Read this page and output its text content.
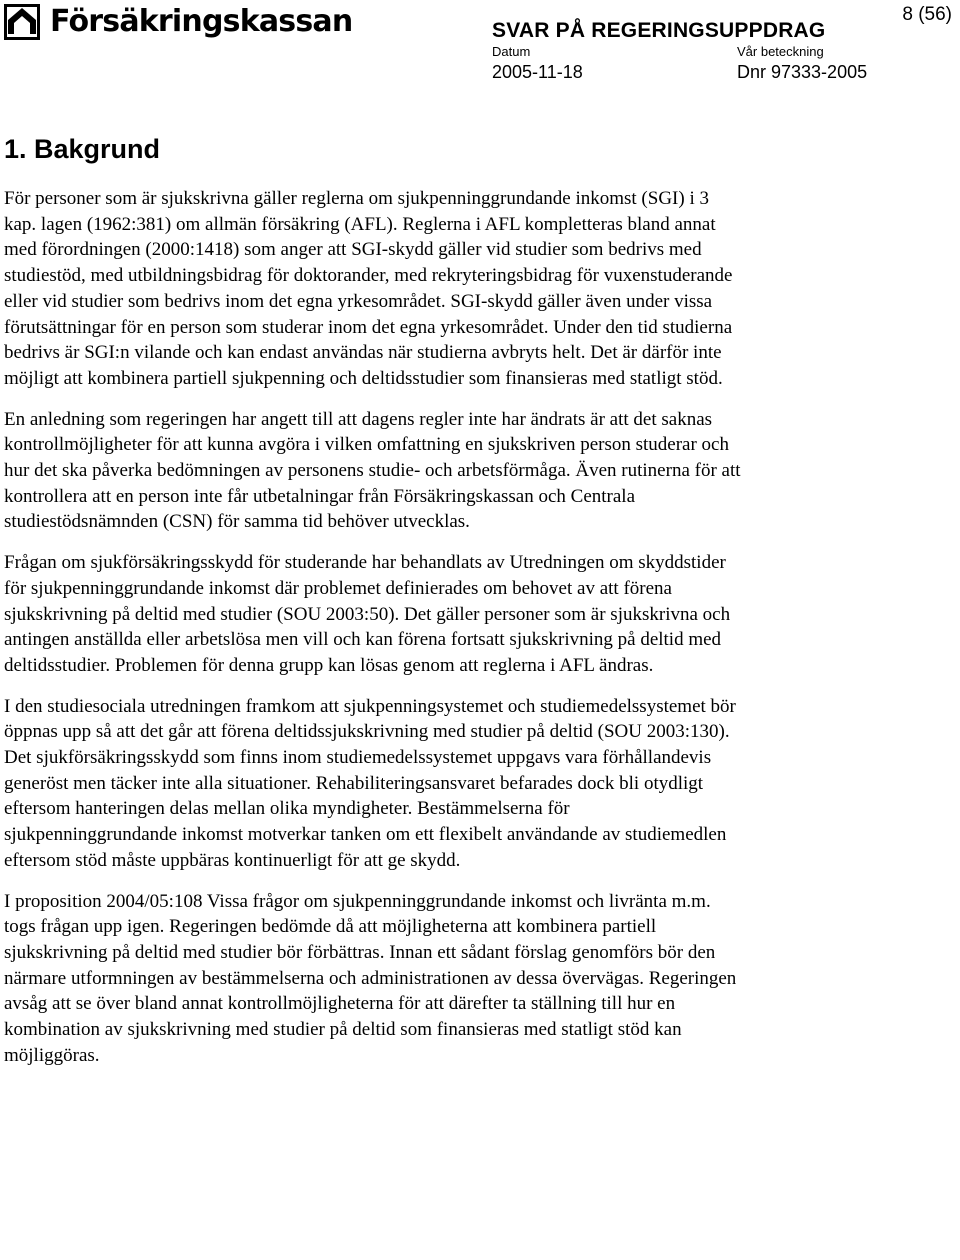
Försäkringskassan	8 (56)
SVAR PÅ REGERINGSUPPDRAG
Datum	Vår beteckning
2005-11-18	Dnr 97333-2005
1. Bakgrund

För personer som är sjukskrivna gäller reglerna om sjukpenninggrundande inkomst (SGI) i 3 kap. lagen (1962:381) om allmän försäkring (AFL). Reglerna i AFL kompletteras bland annat med förordningen (2000:1418) som anger att SGI-skydd gäller vid studier som bedrivs med studiestöd, med utbildningsbidrag för doktorander, med rekryteringsbidrag för vuxenstuderande eller vid studier som bedrivs inom det egna yrkesområdet. SGI-skydd gäller även under vissa förutsättningar för en person som studerar inom det egna yrkesområdet. Under den tid studierna bedrivs är SGI:n vilande och kan endast användas när studierna avbryts helt. Det är därför inte möjligt att kombinera partiell sjukpenning och deltidsstudier som finansieras med statligt stöd.

En anledning som regeringen har angett till att dagens regler inte har ändrats är att det saknas kontrollmöjligheter för att kunna avgöra i vilken omfattning en sjukskriven person studerar och hur det ska påverka bedömningen av personens studie- och arbetsförmåga. Även rutinerna för att kontrollera att en person inte får utbetalningar från Försäkringskassan och Centrala studiestödsnämnden (CSN) för samma tid behöver utvecklas.

Frågan om sjukförsäkringsskydd för studerande har behandlats av Utredningen om skyddstider för sjukpenninggrundande inkomst där problemet definierades om behovet av att förena sjukskrivning på deltid med studier (SOU 2003:50). Det gäller personer som är sjukskrivna och antingen anställda eller arbetslösa men vill och kan förena fortsatt sjukskrivning på deltid med deltidsstudier. Problemen för denna grupp kan lösas genom att reglerna i AFL ändras.

I den studiesociala utredningen framkom att sjukpenningsystemet och studiemedelssystemet bör öppnas upp så att det går att förena deltidssjukskrivning med studier på deltid (SOU 2003:130). Det sjukförsäkringsskydd som finns inom studiemedelssystemet uppgavs vara förhållandevis generöst men täcker inte alla situationer. Rehabiliteringsansvaret befarades dock bli otydligt eftersom hanteringen delas mellan olika myndigheter. Bestämmelserna för sjukpenninggrundande inkomst motverkar tanken om ett flexibelt användande av studiemedlen eftersom stöd måste uppbäras kontinuerligt för att ge skydd.

I proposition 2004/05:108 Vissa frågor om sjukpenninggrundande inkomst och livränta m.m. togs frågan upp igen. Regeringen bedömde då att möjligheterna att kombinera partiell sjukskrivning på deltid med studier bör förbättras. Innan ett sådant förslag genomförs bör den närmare utformningen av bestämmelserna och administrationen av dessa övervägas. Regeringen avsåg att se över bland annat kontrollmöjligheterna för att därefter ta ställning till hur en kombination av sjukskrivning med studier på deltid som finansieras med statligt stöd kan möjliggöras.
